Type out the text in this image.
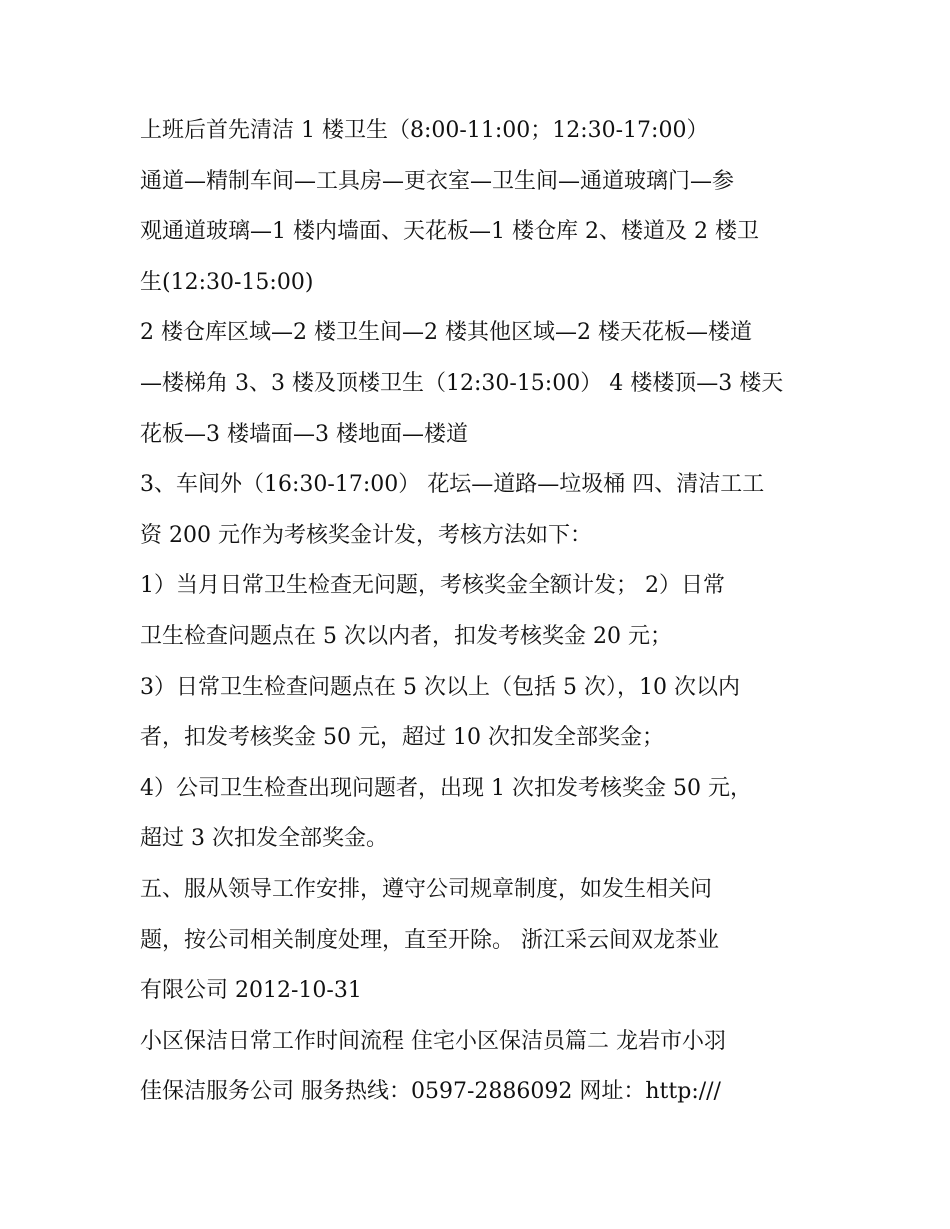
上班后首先清洁 1 楼卫生（8:00-11:00；12:30-17:00）

通道—精制车间—工具房—更衣室—卫生间—通道玻璃门—参

观通道玻璃—1 楼内墙面、天花板—1 楼仓库 2、楼道及 2 楼卫

生(12:30-15:00)

2 楼仓库区域—2 楼卫生间—2 楼其他区域—2 楼天花板—楼道

—楼梯角 3、3 楼及顶楼卫生（12:30-15:00） 4 楼楼顶—3 楼天

花板—3 楼墙面—3 楼地面—楼道

3、车间外（16:30-17:00） 花坛—道路—垃圾桶 四、清洁工工

资 200 元作为考核奖金计发，考核方法如下：

1）当月日常卫生检查无问题，考核奖金全额计发； 2）日常

卫生检查问题点在 5 次以内者，扣发考核奖金 20 元；

3）日常卫生检查问题点在 5 次以上（包括 5 次），10 次以内

者，扣发考核奖金 50 元，超过 10 次扣发全部奖金；

4）公司卫生检查出现问题者，出现 1 次扣发考核奖金 50 元，

超过 3 次扣发全部奖金。

五、服从领导工作安排，遵守公司规章制度，如发生相关问

题，按公司相关制度处理，直至开除。 浙江采云间双龙茶业

有限公司 2012-10-31

小区保洁日常工作时间流程 住宅小区保洁员篇二 龙岩市小羽

佳保洁服务公司 服务热线：0597-2886092 网址：http:///
